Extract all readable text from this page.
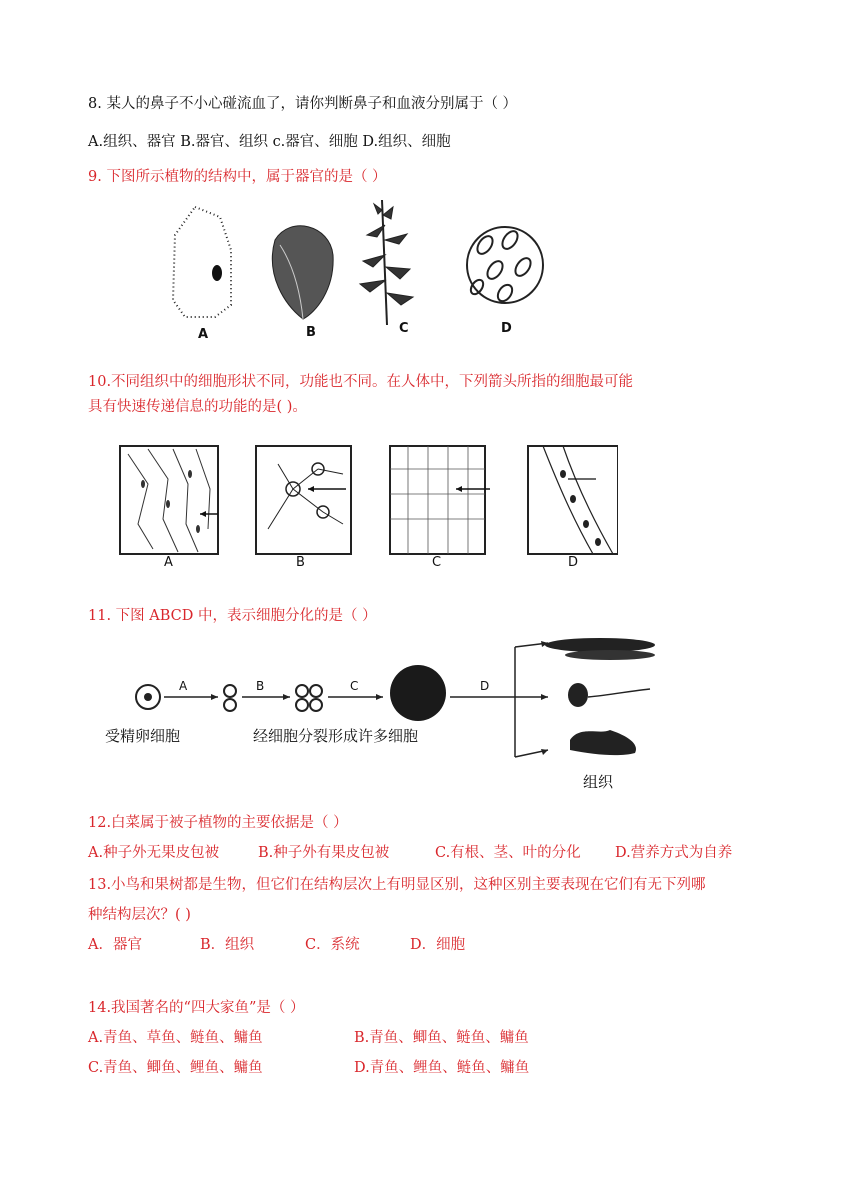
8. 某人的鼻子不小心碰流血了，请你判断鼻子和血液分别属于（ ）
A.组织、器官 B.器官、组织 c.器官、细胞 D.组织、细胞
9. 下图所示植物的结构中，属于器官的是（ ）
A	B	C	D
10.不同组织中的细胞形状不同，功能也不同。在人体中，下列箭头所指的细胞最可能
具有快速传递信息的功能的是( )。
A	B	C	D
11. 下图 ABCD 中，表示细胞分化的是（ ）
A	B	C	D
受精卵细胞	经细胞分裂形成许多细胞
组织
12.白菜属于被子植物的主要依据是（ ）
A.种子外无果皮包被	B.种子外有果皮包被	C.有根、茎、叶的分化 D.营养方式为自养
13.小鸟和果树都是生物，但它们在结构层次上有明显区别，这种区别主要表现在它们有无下列哪
种结构层次？( )
A．器官	B．组织	C．系统	D．细胞
14.我国著名的“四大家鱼”是（ ）
A.青鱼、草鱼、鲢鱼、鳙鱼	B.青鱼、鲫鱼、鲢鱼、鳙鱼
C.青鱼、鲫鱼、鲤鱼、鳙鱼	D.青鱼、鲤鱼、鲢鱼、鳙鱼
